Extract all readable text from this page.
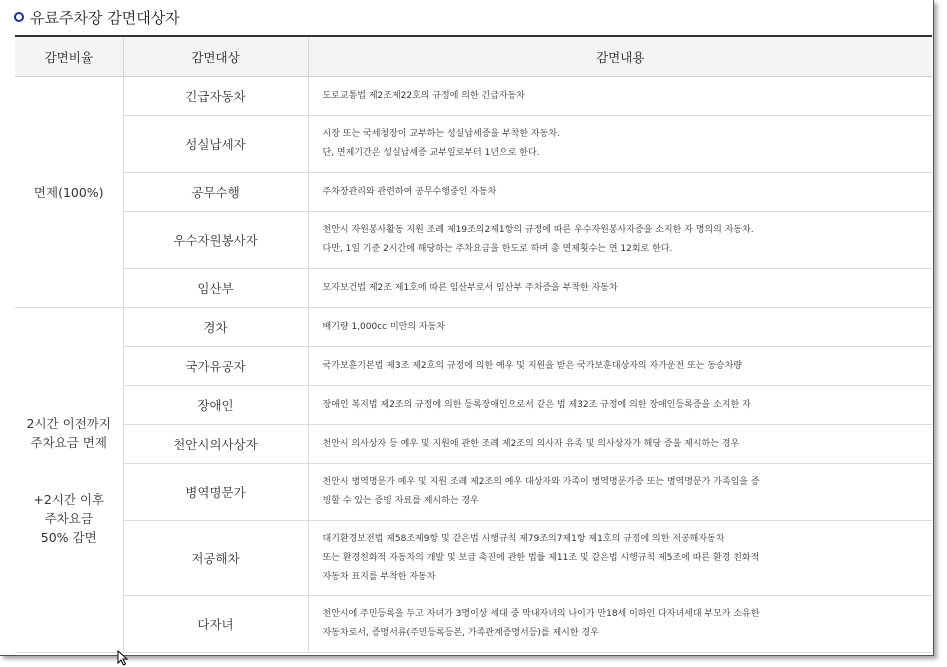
유료주차장 감면대상자
감면비율	감면대상	감면내용

면제(100%)	긴급자동차	도로교통법 제2조제22호의 규정에 의한 긴급자동차

	성실납세자	시장 또는 국세청장이 교부하는 성실납세증을 부착한 자동차.
단, 면제기간은 성실납세증 교부일로부터 1년으로 한다.

	공무수행	주차장관리와 관련하여 공무수행중인 자동차

	우수자원봉사자	천안시 자원봉사활동 지원 조례 제19조의2제1항의 규정에 따른 우수자원봉사자증을 소지한 자 명의의 자동차.
다만, 1일 기준 2시간에 해당하는 주차요금을 한도로 하며 총 면제횟수는 연 12회로 한다.

	임산부	모자보건법 제2조 제1호에 따른 임산부로서 임산부 주차증을 부착한 자동차

2시간 이전까지
주차요금 면제
+2시간 이후
주차요금
50% 감면	경차	배기량 1,000cc 미만의 자동차

	국가유공자	국가보훈기본법 제3조 제2호의 규정에 의한 예우 및 지원을 받은 국가보훈대상자의 자가운전 또는 동승차량

	장애인	장애인 복지법 제2조의 규정에 의한 등록장애인으로서 같은 법 제32조 규정에 의한 장애인등록증을 소지한 자

	천안시의사상자	천안시 의사상자 등 예우 및 지원에 관한 조례 제2조의 의사자 유족 및 의사상자가 해당 증을 제시하는 경우

	병역명문가	천안시 병역명문가 예우 및 지원 조례 제2조의 예우 대상자와 가족이 병역명문가증 또는 병역명문가 가족임을 증
빙할 수 있는 증빙 자료를 제시하는 경우

	저공해차	대기환경보전법 제58조제9항 및 같은법 시행규칙 제79조의7제1항 제1호의 규정에 의한 저공해자동차
또는 환경친화적 자동차의 개발 및 보급 촉진에 관한 법률 제11조 및 같은법 시행규칙 제5조에 따른 환경 친화적
자동차 표지를 부착한 자동차

	다자녀	천안시에 주민등록을 두고 자녀가 3명이상 세대 중 막내자녀의 나이가 만18세 이하인 다자녀세대 부모가 소유한
자동차로서, 증명서류(주민등록등본, 가족관계증명서등)를 제시한 경우
